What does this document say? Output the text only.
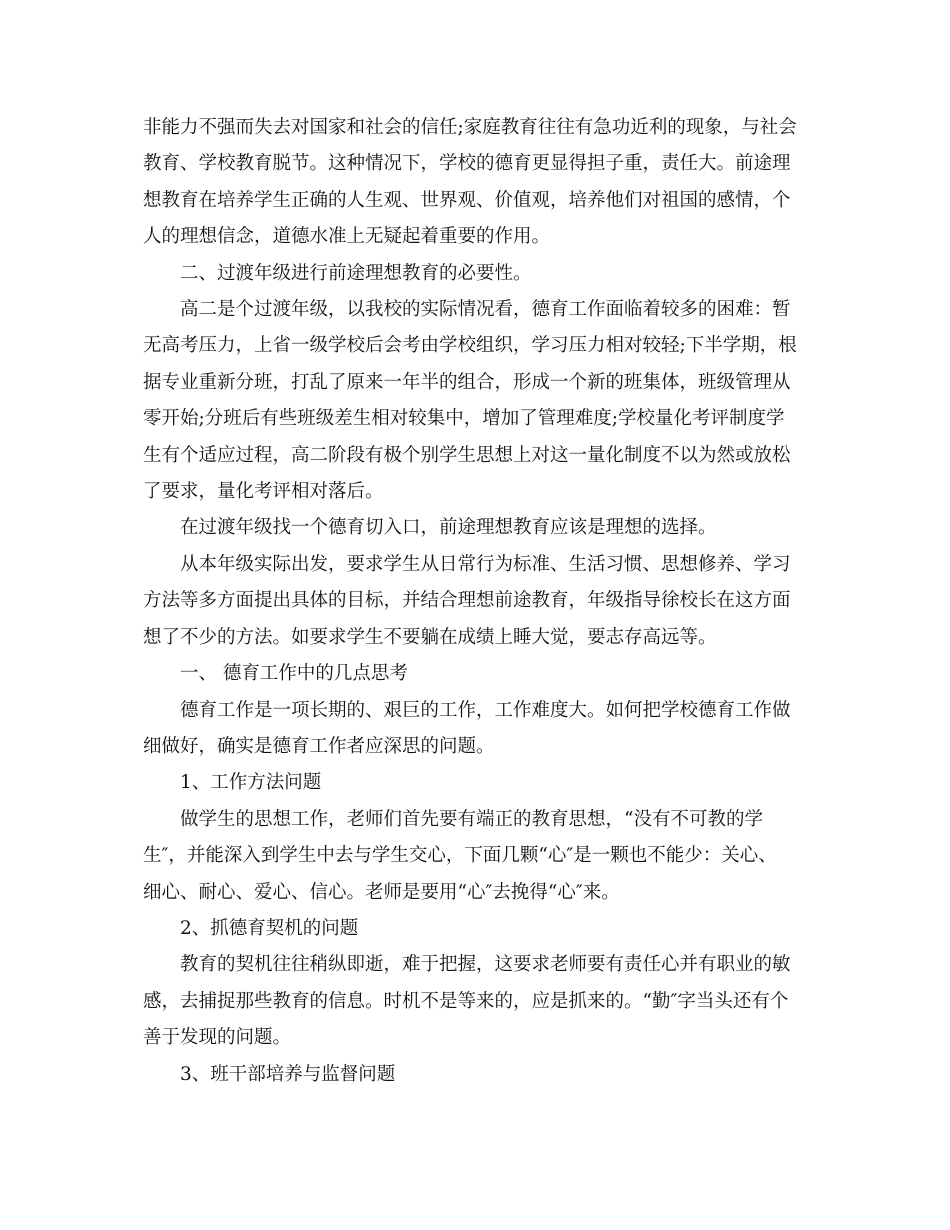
非能力不强而失去对国家和社会的信任;家庭教育往往有急功近利的现象，与社会
教育、学校教育脱节。这种情况下，学校的德育更显得担子重，责任大。前途理
想教育在培养学生正确的人生观、世界观、价值观，培养他们对祖国的感情，个
人的理想信念，道德水准上无疑起着重要的作用。
二、过渡年级进行前途理想教育的必要性。
高二是个过渡年级，以我校的实际情况看，德育工作面临着较多的困难：暂
无高考压力，上省一级学校后会考由学校组织，学习压力相对较轻;下半学期，根
据专业重新分班，打乱了原来一年半的组合，形成一个新的班集体，班级管理从
零开始;分班后有些班级差生相对较集中，增加了管理难度;学校量化考评制度学
生有个适应过程，高二阶段有极个别学生思想上对这一量化制度不以为然或放松
了要求，量化考评相对落后。
在过渡年级找一个德育切入口，前途理想教育应该是理想的选择。
从本年级实际出发，要求学生从日常行为标准、生活习惯、思想修养、学习
方法等多方面提出具体的目标，并结合理想前途教育，年级指导徐校长在这方面
想了不少的方法。如要求学生不要躺在成绩上睡大觉，要志存高远等。
一、 德育工作中的几点思考
德育工作是一项长期的、艰巨的工作，工作难度大。如何把学校德育工作做
细做好，确实是德育工作者应深思的问题。
1、工作方法问题
做学生的思想工作，老师们首先要有端正的教育思想，“没有不可教的学
生″，并能深入到学生中去与学生交心，下面几颗“心″是一颗也不能少：关心、
细心、耐心、爱心、信心。老师是要用“心″去挽得“心″来。
2、抓德育契机的问题
教育的契机往往稍纵即逝，难于把握，这要求老师要有责任心并有职业的敏
感，去捕捉那些教育的信息。时机不是等来的，应是抓来的。“勤″字当头还有个
善于发现的问题。
3、班干部培养与监督问题
